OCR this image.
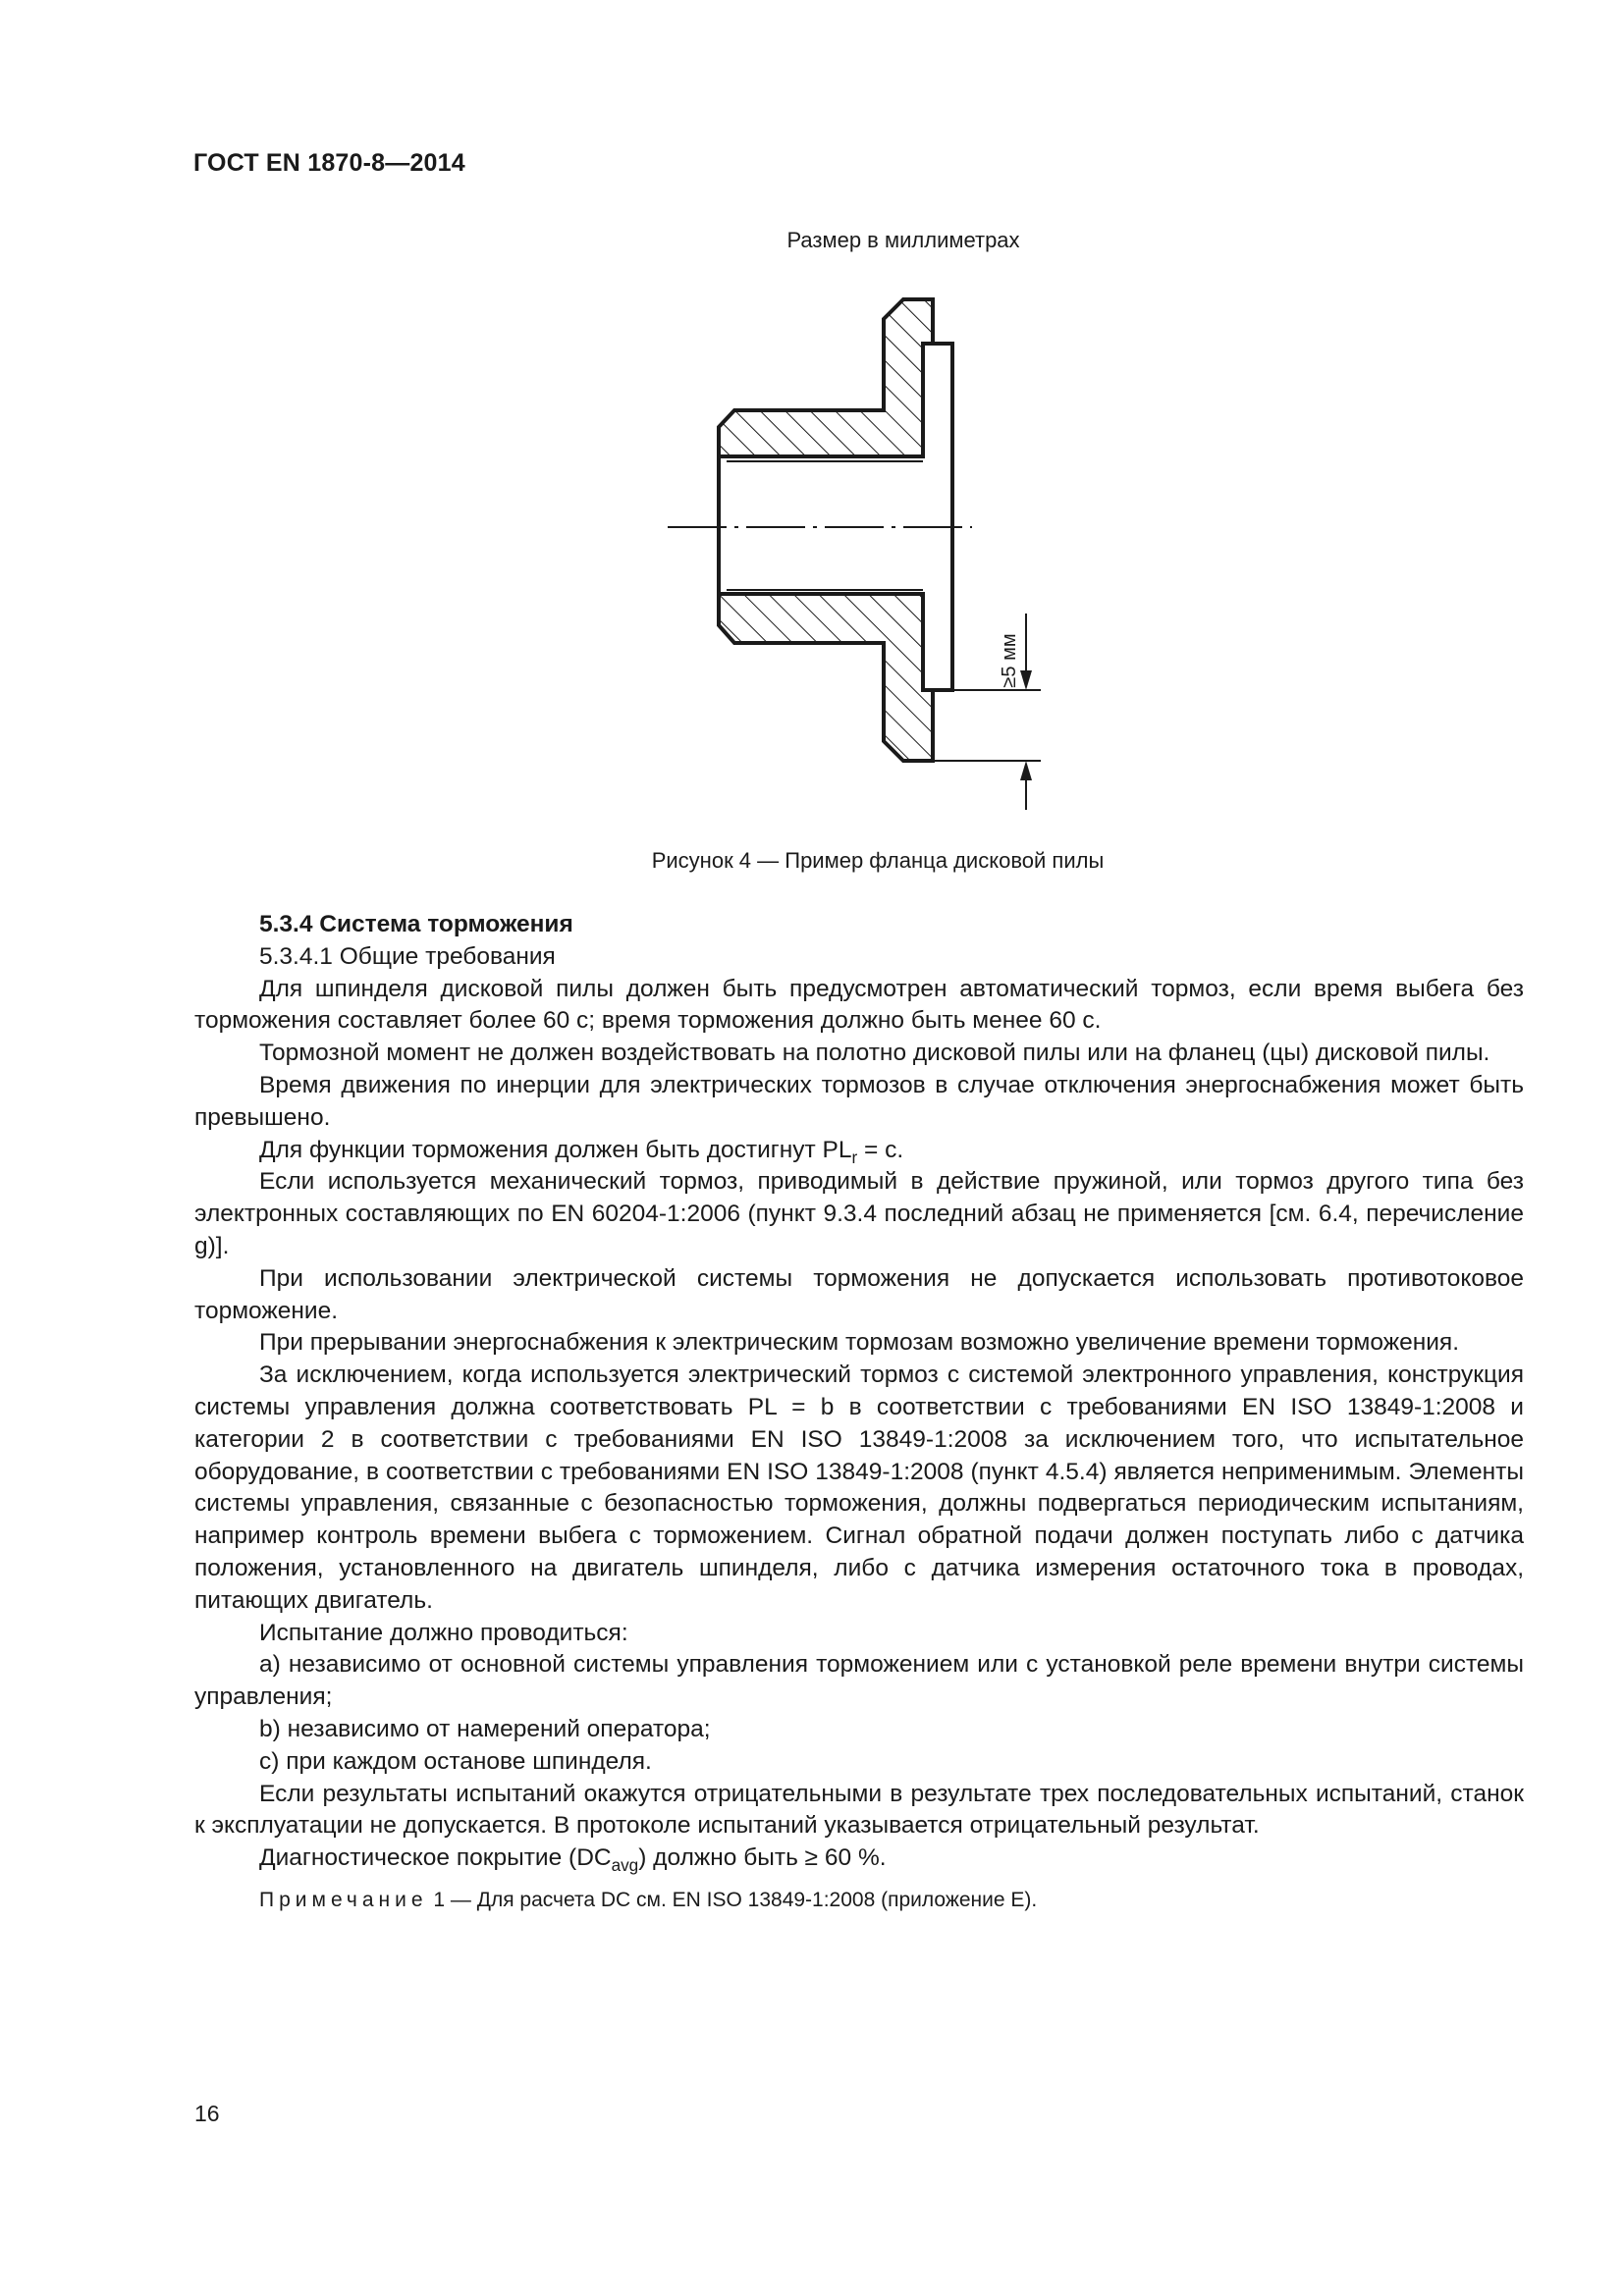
ГОСТ EN 1870-8—2014
Размер в миллиметрах
≥5 мм
Рисунок 4 — Пример фланца дисковой пилы

5.3.4 Система торможения

5.3.4.1 Общие требования

Для шпинделя дисковой пилы должен быть предусмотрен автоматический тормоз, если время выбега без торможения составляет более 60 с; время торможения должно быть менее 60 с.

Тормозной момент не должен воздействовать на полотно дисковой пилы или на фланец (цы) дисковой пилы.

Время движения по инерции для электрических тормозов в случае отключения энергоснабжения может быть превышено.

Для функции торможения должен быть достигнут $PL_r = c$.

Если используется механический тормоз, приводимый в действие пружиной, или тормоз другого типа без электронных составляющих по EN 60204-1:2006 (пункт 9.3.4 последний абзац не применяется [см. 6.4, перечисление g)].

При использовании электрической системы торможения не допускается использовать противотоковое торможение.

При прерывании энергоснабжения к электрическим тормозам возможно увеличение времени торможения.

За исключением, когда используется электрический тормоз с системой электронного управления, конструкция системы управления должна соответствовать PL = b в соответствии с требованиями EN ISO 13849-1:2008 и категории 2 в соответствии с требованиями EN ISO 13849-1:2008 за исключением того, что испытательное оборудование, в соответствии с требованиями EN ISO 13849-1:2008 (пункт 4.5.4) является неприменимым. Элементы системы управления, связанные с безопасностью торможения, должны подвергаться периодическим испытаниям, например контроль времени выбега с торможением. Сигнал обратной подачи должен поступать либо с датчика положения, установленного на двигатель шпинделя, либо с датчика измерения остаточного тока в проводах, питающих двигатель.

Испытание должно проводиться:

a) независимо от основной системы управления торможением или с установкой реле времени внутри системы управления;

b) независимо от намерений оператора;

c) при каждом останове шпинделя.

Если результаты испытаний окажутся отрицательными в результате трех последовательных испытаний, станок к эксплуатации не допускается. В протоколе испытаний указывается отрицательный результат.

Диагностическое покрытие $(DC_{avg})$ должно быть ≥ 60 %.

Примечание 1 — Для расчета DC см. EN ISO 13849-1:2008 (приложение E).

16
